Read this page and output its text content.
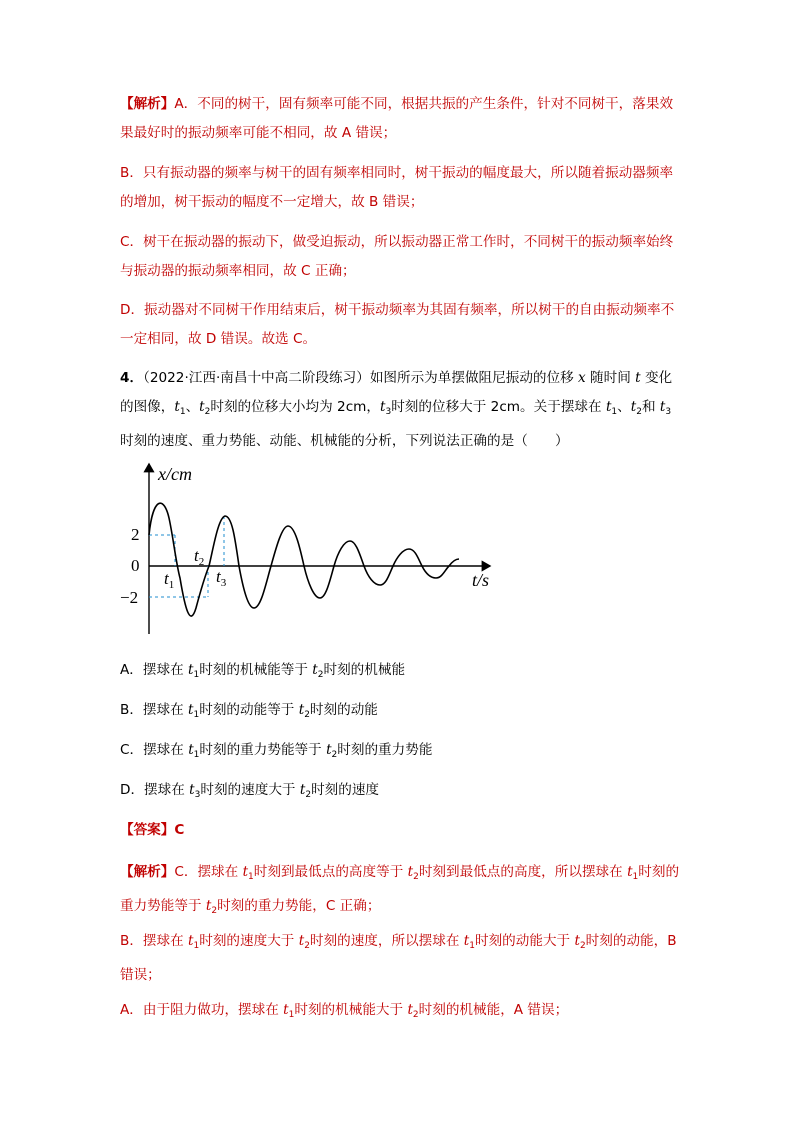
【解析】A．不同的树干，固有频率可能不同，根据共振的产生条件，针对不同树干，落果效果最好时的振动频率可能不相同，故 A 错误；

B．只有振动器的频率与树干的固有频率相同时，树干振动的幅度最大，所以随着振动器频率的增加，树干振动的幅度不一定增大，故 B 错误；

C．树干在振动器的振动下，做受迫振动，所以振动器正常工作时，不同树干的振动频率始终与振动器的振动频率相同，故 C 正确；

D．振动器对不同树干作用结束后，树干振动频率为其固有频率，所以树干的自由振动频率不一定相同，故 D 错误。故选 C。

4．（2022·江西·南昌十中高二阶段练习）如图所示为单摆做阻尼振动的位移 x 随时间 t 变化的图像，$t_1$、$t_2$时刻的位移大小均为 2cm，$t_3$时刻的位移大于 2cm。关于摆球在 $t_1$、$t_2$和 $t_3$时刻的速度、重力势能、动能、机械能的分析，下列说法正确的是（　　）

x/cm
t/s
2
0
−2
$t_1$
$t_2$
$t_3$

A．摆球在 $t_1$时刻的机械能等于 $t_2$时刻的机械能

B．摆球在 $t_1$时刻的动能等于 $t_2$时刻的动能

C．摆球在 $t_1$时刻的重力势能等于 $t_2$时刻的重力势能

D．摆球在 $t_3$时刻的速度大于 $t_2$时刻的速度

【答案】C

【解析】C．摆球在 $t_1$时刻到最低点的高度等于 $t_2$时刻到最低点的高度，所以摆球在 $t_1$时刻的重力势能等于 $t_2$时刻的重力势能，C 正确；

B．摆球在 $t_1$时刻的速度大于 $t_2$时刻的速度，所以摆球在 $t_1$时刻的动能大于 $t_2$时刻的动能，B 错误；

A．由于阻力做功，摆球在 $t_1$时刻的机械能大于 $t_2$时刻的机械能，A 错误；
